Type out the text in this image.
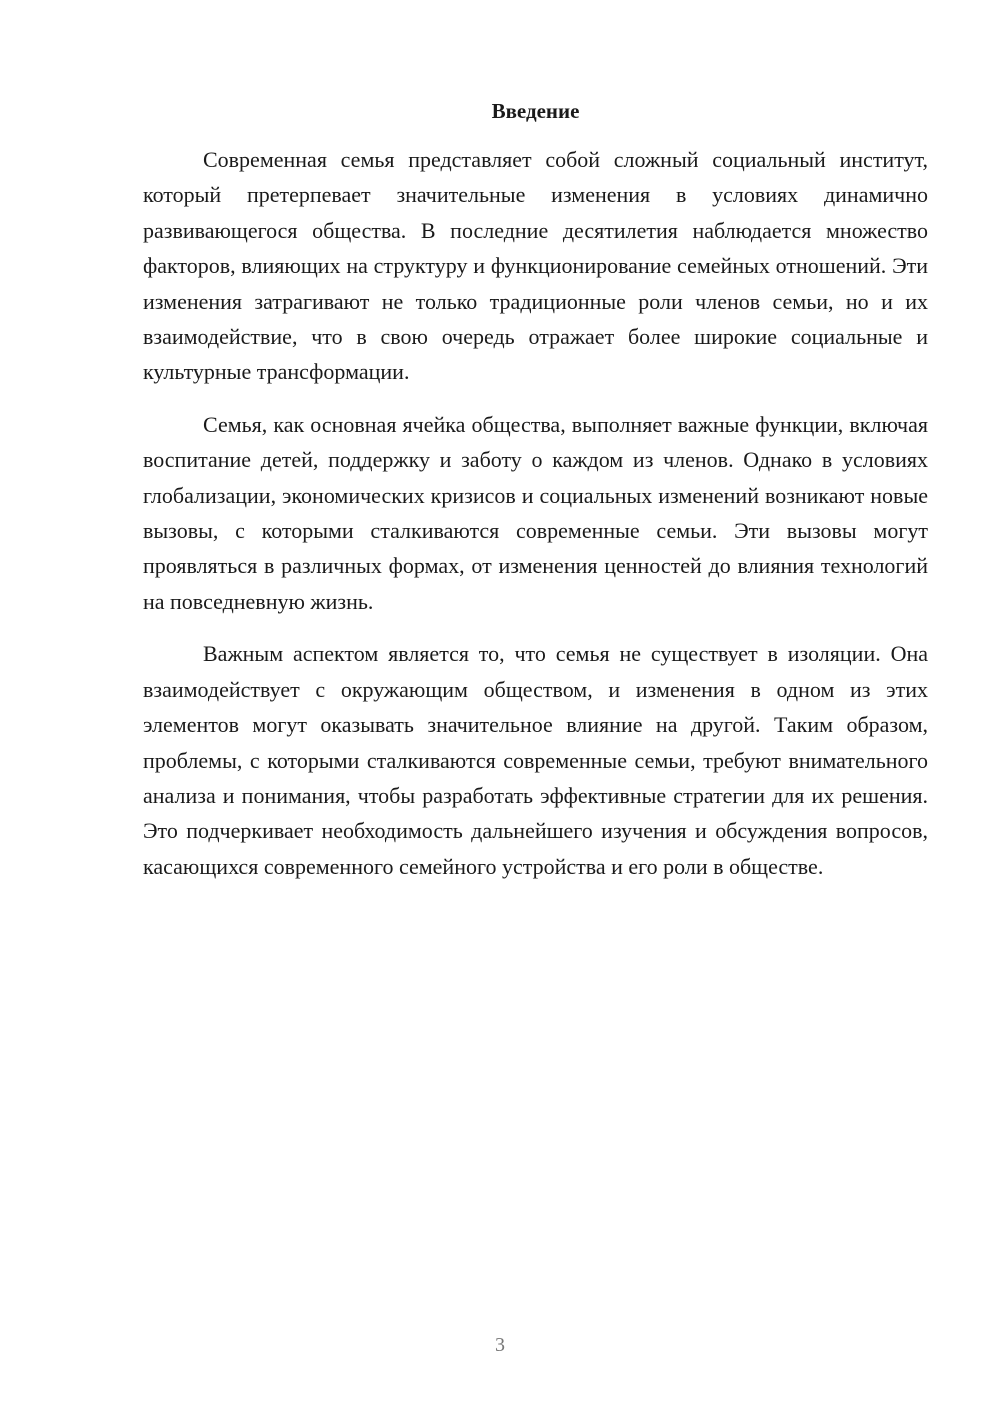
Введение

Современная семья представляет собой сложный социальный институт, который претерпевает значительные изменения в условиях динамично развивающегося общества. В последние десятилетия наблюдается множество факторов, влияющих на структуру и функционирование семейных отношений. Эти изменения затрагивают не только традиционные роли членов семьи, но и их взаимодействие, что в свою очередь отражает более широкие социальные и культурные трансформации.

Семья, как основная ячейка общества, выполняет важные функции, включая воспитание детей, поддержку и заботу о каждом из членов. Однако в условиях глобализации, экономических кризисов и социальных изменений возникают новые вызовы, с которыми сталкиваются современные семьи. Эти вызовы могут проявляться в различных формах, от изменения ценностей до влияния технологий на повседневную жизнь.

Важным аспектом является то, что семья не существует в изоляции. Она взаимодействует с окружающим обществом, и изменения в одном из этих элементов могут оказывать значительное влияние на другой. Таким образом, проблемы, с которыми сталкиваются современные семьи, требуют внимательного анализа и понимания, чтобы разработать эффективные стратегии для их решения. Это подчеркивает необходимость дальнейшего изучения и обсуждения вопросов, касающихся современного семейного устройства и его роли в обществе.

3
